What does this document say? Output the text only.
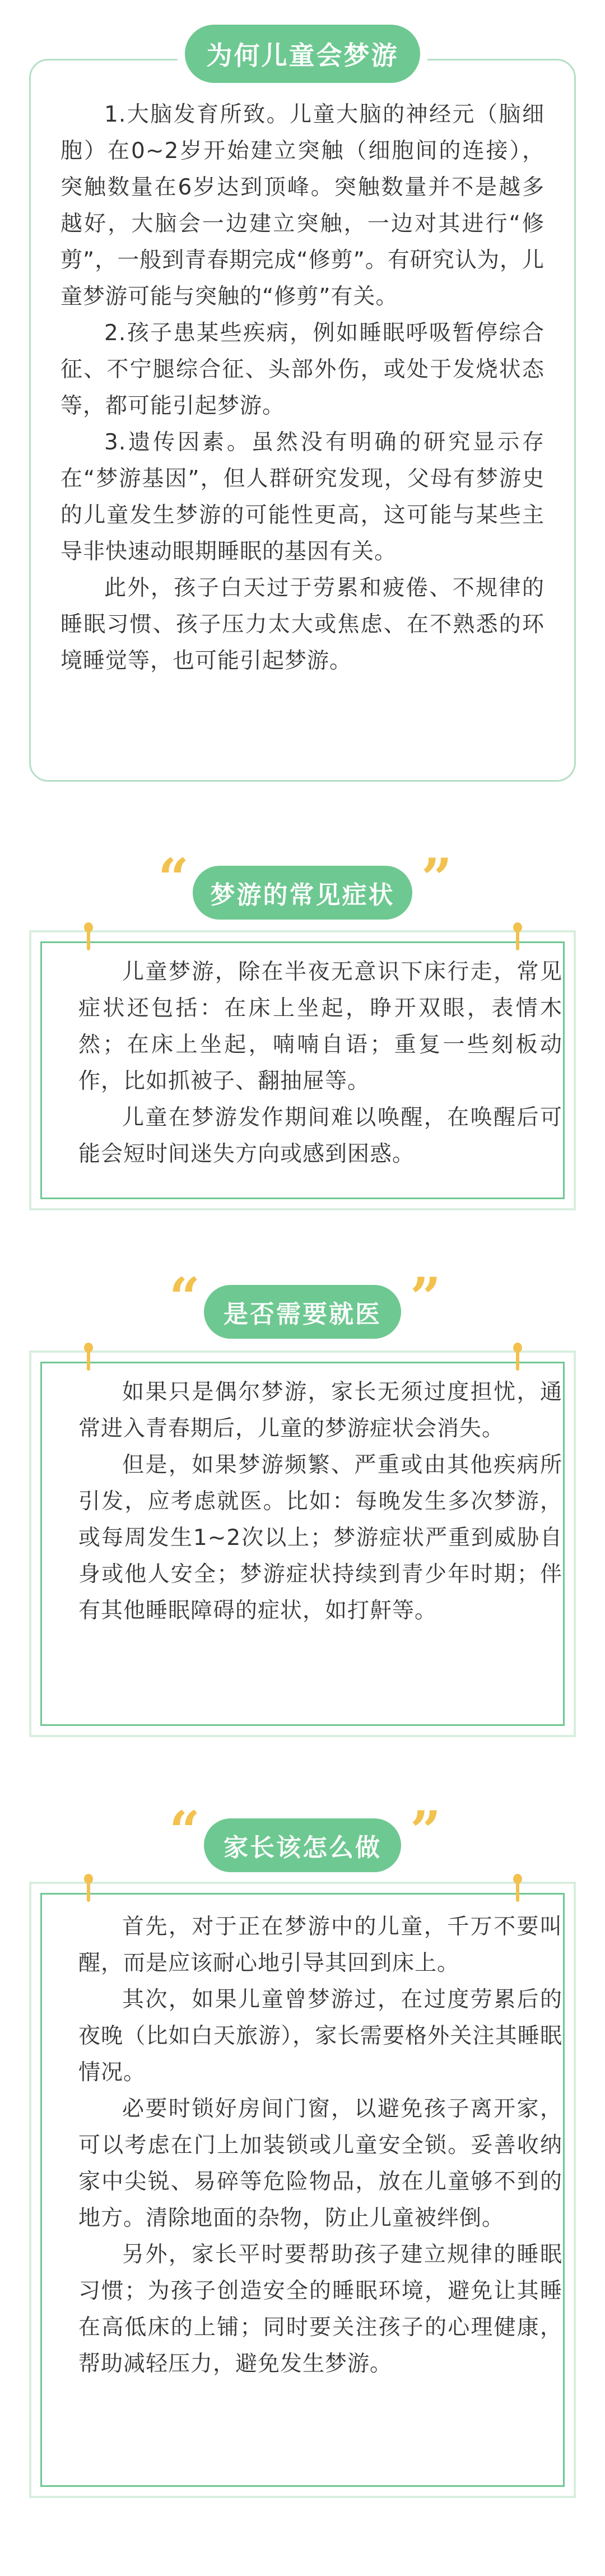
为何儿童会梦游

1.大脑发育所致。儿童大脑的神经元（脑细胞）在0~2岁开始建立突触（细胞间的连接），突触数量在6岁达到顶峰。突触数量并不是越多越好，大脑会一边建立突触，一边对其进行“修剪”，一般到青春期完成“修剪”。有研究认为，儿童梦游可能与突触的“修剪”有关。

2.孩子患某些疾病，例如睡眠呼吸暂停综合征、不宁腿综合征、头部外伤，或处于发烧状态等，都可能引起梦游。

3.遗传因素。虽然没有明确的研究显示存在“梦游基因”，但人群研究发现，父母有梦游史的儿童发生梦游的可能性更高，这可能与某些主导非快速动眼期睡眠的基因有关。

此外，孩子白天过于劳累和疲倦、不规律的睡眠习惯、孩子压力太大或焦虑、在不熟悉的环境睡觉等，也可能引起梦游。

“ 梦游的常见症状 ”

儿童梦游，除在半夜无意识下床行走，常见症状还包括：在床上坐起，睁开双眼，表情木然；在床上坐起，喃喃自语；重复一些刻板动作，比如抓被子、翻抽屉等。

儿童在梦游发作期间难以唤醒，在唤醒后可能会短时间迷失方向或感到困惑。

“ 是否需要就医 ”

如果只是偶尔梦游，家长无须过度担忧，通常进入青春期后，儿童的梦游症状会消失。

但是，如果梦游频繁、严重或由其他疾病所引发，应考虑就医。比如：每晚发生多次梦游，或每周发生1~2次以上；梦游症状严重到威胁自身或他人安全；梦游症状持续到青少年时期；伴有其他睡眠障碍的症状，如打鼾等。

“ 家长该怎么做 ”

首先，对于正在梦游中的儿童，千万不要叫醒，而是应该耐心地引导其回到床上。

其次，如果儿童曾梦游过，在过度劳累后的夜晚（比如白天旅游），家长需要格外关注其睡眠情况。

必要时锁好房间门窗，以避免孩子离开家，可以考虑在门上加装锁或儿童安全锁。妥善收纳家中尖锐、易碎等危险物品，放在儿童够不到的地方。清除地面的杂物，防止儿童被绊倒。

另外，家长平时要帮助孩子建立规律的睡眠习惯；为孩子创造安全的睡眠环境，避免让其睡在高低床的上铺；同时要关注孩子的心理健康，帮助减轻压力，避免发生梦游。
